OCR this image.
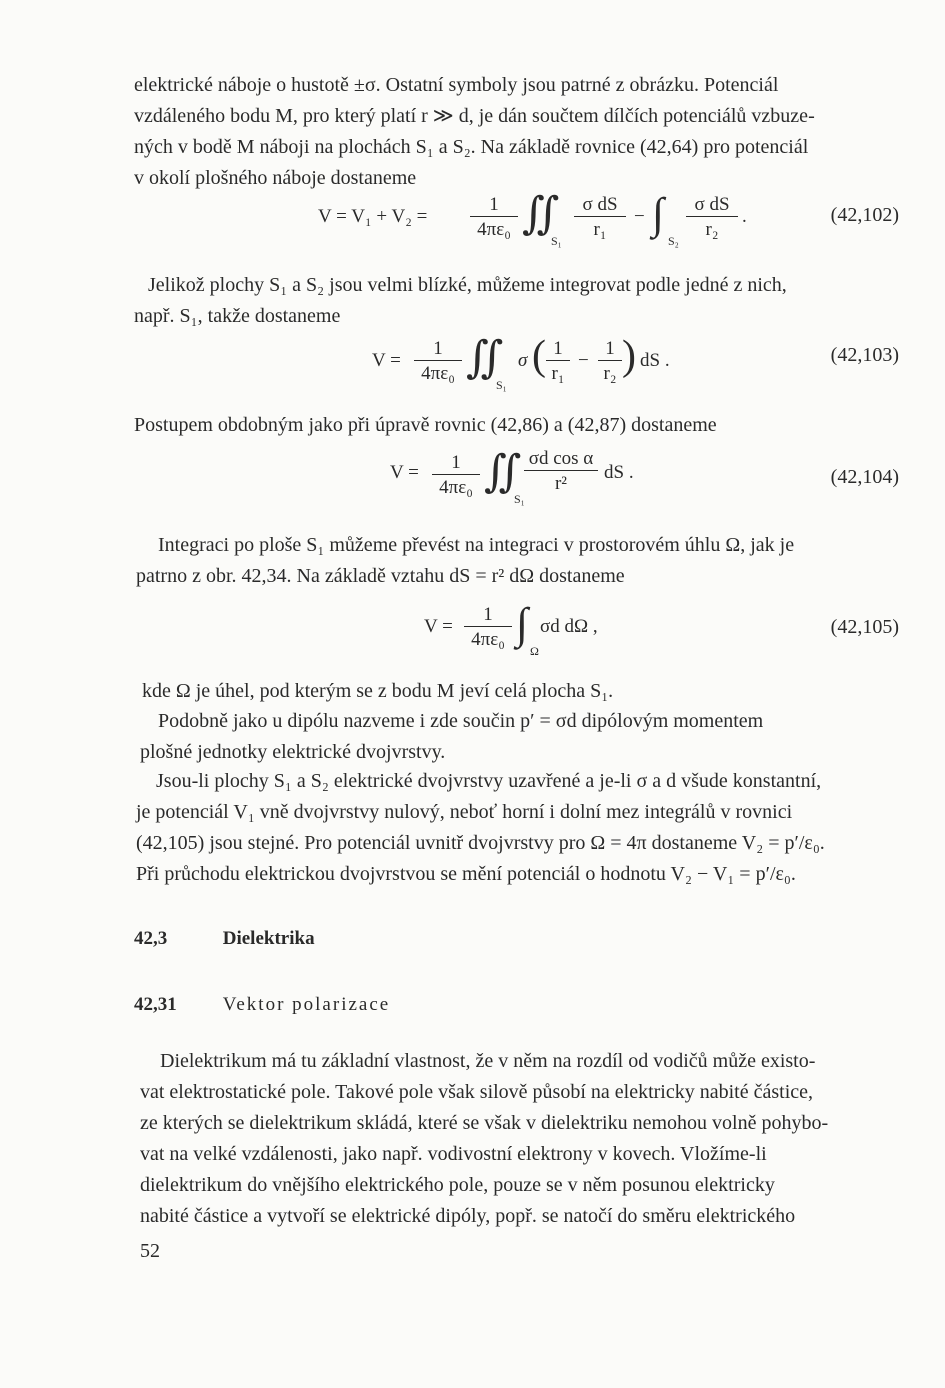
elektrické náboje o hustotě ±σ. Ostatní symboly jsou patrné z obrázku. Potenciál
vzdáleného bodu M, pro který platí r ≫ d, je dán součtem dílčích potenciálů vzbuze-
ných v bodě M náboji na plochách S₁ a S₂. Na základě rovnice (42,64) pro potenciál
v okolí plošného náboje dostaneme
$V = V_1 + V_2 = \frac{1}{\text{4πε₀}}$ ∬
$S_1 \frac{\text{σ dS}}{\text{r₁}}$ − ∫
$S_2 \frac{\text{σ dS}}{\text{r₂}}$ .	(42,102)
Jelikož plochy S₁ a S₂ jsou velmi blízké, můžeme integrovat podle jedné z nich,
např. S₁, takže dostaneme
$V = \frac{1}{\text{4πε₀}}$ ∬
S₁
σ ( $\frac{1}{\text{r₁}} - \frac{1}{\text{r₂}}$ ) dS .	(42,103)
Postupem obdobným jako při úpravě rovnic (42,86) a (42,87) dostaneme
$V = \frac{1}{\text{4πε₀}}$ ∬
S₁
$\frac{\text{σd cos α}}{\text{r²}}$ dS .	(42,104)
Integraci po ploše S₁ můžeme převést na integraci v prostorovém úhlu Ω, jak je
patrno z obr. 42,34. Na základě vztahu dS = r² dΩ dostaneme
$V = \frac{1}{\text{4πε₀}}$ ∫
Ω
σd dΩ ,	(42,105)
kde Ω je úhel, pod kterým se z bodu M jeví celá plocha S₁.
Podobně jako u dipólu nazveme i zde součin p′ = σd dipólovým momentem
plošné jednotky elektrické dvojvrstvy.
Jsou-li plochy S₁ a S₂ elektrické dvojvrstvy uzavřené a je-li σ a d všude konstantní,
je potenciál V₁ vně dvojvrstvy nulový, neboť horní i dolní mez integrálů v rovnici
(42,105) jsou stejné. Pro potenciál uvnitř dvojvrstvy pro Ω = 4π dostaneme V₂ = p′/ε₀.
Při průchodu elektrickou dvojvrstvou se mění potenciál o hodnotu V₂ − V₁ = p′/ε₀.
42,3	Dielektrika
42,31 Vektor polarizace
Dielektrikum má tu základní vlastnost, že v něm na rozdíl od vodičů může existo-
vat elektrostatické pole. Takové pole však silově působí na elektricky nabité částice,
ze kterých se dielektrikum skládá, které se však v dielektriku nemohou volně pohybo-
vat na velké vzdálenosti, jako např. vodivostní elektrony v kovech. Vložíme-li
dielektrikum do vnějšího elektrického pole, pouze se v něm posunou elektricky
nabité částice a vytvoří se elektrické dipóly, popř. se natočí do směru elektrického
52
